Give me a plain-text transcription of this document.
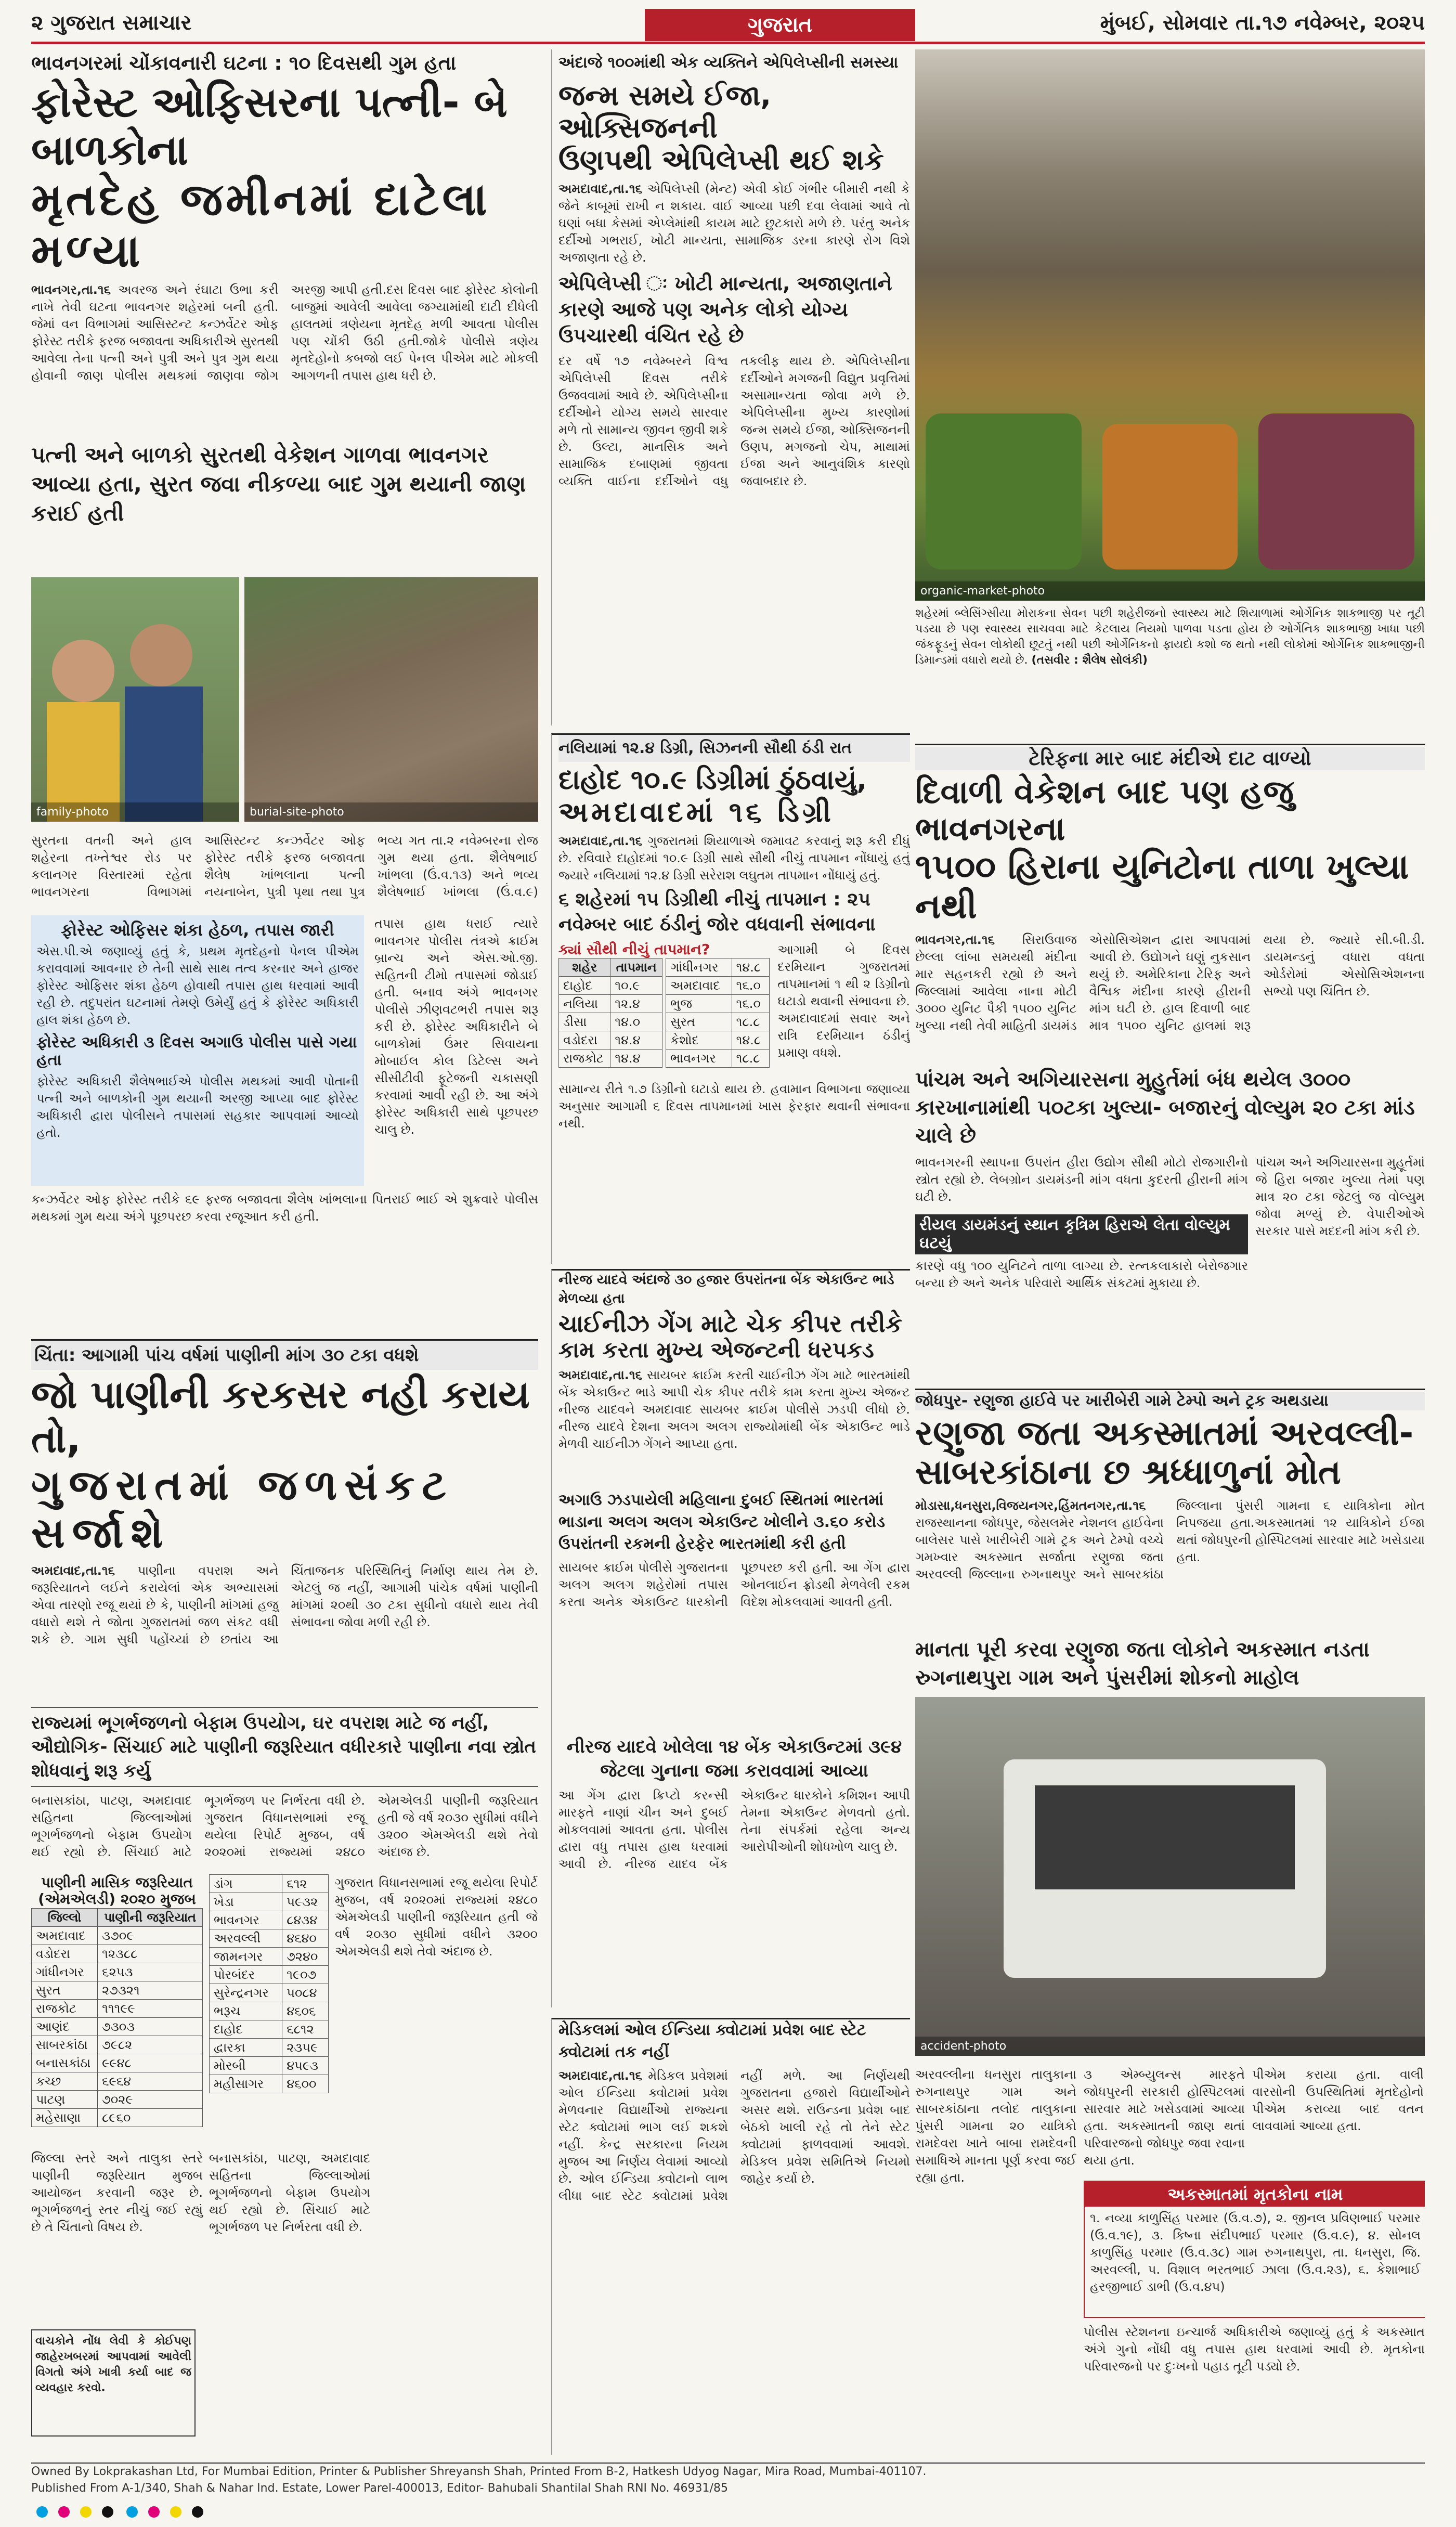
૨ ગુજરાત સમાચાર	ગુજરાત	મુંબઈ, સોમવાર તા.૧૭ નવેમ્બર, ૨૦૨૫
ભાવનગરમાં ચોંકાવનારી ઘટના : ૧૦ દિવસથી ગુમ હતા
ફોરેસ્ટ ઓફિસરના પત્ની- બે બાળકોના
મૃતદેહ જમીનમાં દાટેલા મળ્યા
ભાવનગર,તા.૧૬ અવરજ અને રંઘાટા ઉભા કરી નાખે તેવી ઘટના ભાવનગર શહેરમાં બની હતી. જેમાં વન વિભાગમાં આસિસ્ટન્ટ કન્ઝર્વેટર ઓફ ફોરેસ્ટ તરીકે ફરજ બજાવતા અધિકારીએ સુરતથી આવેલા તેના પત્ની અને પુત્રી અને પુત્ર ગુમ થયા હોવાની જાણ પોલીસ મથકમાં જાણવા જોગ અરજી આપી હતી.દસ દિવસ બાદ ફોરેસ્ટ કોલોની બાજુમાં આવેલી આવેલા જગ્યામાંથી દાટી દીધેલી હાલતમાં ત્રણેયના મૃતદેહ મળી આવતા પોલીસ પણ ચોંકી ઉઠી હતી.જોકે પોલીસે ત્રણેય મૃતદેહોનો કબજો લઈ પેનલ પીએમ માટે મોકલી આગળની તપાસ હાથ ધરી છે.
પત્ની અને બાળકો સુરતથી વેકેશન ગાળવા ભાવનગર આવ્યા હતા, સુરત જવા નીકળ્યા બાદ ગુમ થયાની જાણ કરાઈ હતી
family-photo	burial-site-photo
સુરતના વતની અને હાલ શહેરના તખ્તેશ્વર રોડ પર કલાનગર વિસ્તારમાં રહેતા ભાવનગરના વિભાગમાં આસિસ્ટન્ટ કન્ઝર્વેટર ઓફ ફોરેસ્ટ તરીકે ફરજ બજાવતા શૈલેષ ખાંભલાના પત્ની નયનાબેન, પુત્રી પૃથા તથા પુત્ર ભવ્ય ગત તા.૨ નવેમ્બરના રોજ ગુમ થયા હતા. શૈલેષભાઈ ખાંભલા (ઉં.વ.૧૩) અને ભવ્ય શૈલેષભાઈ ખાંભલા (ઉં.વ.૯)
ફોરેસ્ટ ઓફિસર શંકા હેઠળ, તપાસ જારી
એસ.પી.એ જણાવ્યું હતું કે, પ્રથમ મૃતદેહનો પેનલ પીએમ કરાવવામાં આવનાર છે તેની સાથે સાથ તત્વ કરનાર અને હાજર ફોરેસ્ટ ઓફિસર શંકા હેઠળ હોવાથી તપાસ હાથ ધરવામાં આવી રહી છે. તદુપરાંત ઘટનામાં તેમણે ઉમેર્યું હતું કે ફોરેસ્ટ અધિકારી હાલ શંકા હેઠળ છે.
ફોરેસ્ટ અધિકારી ૩ દિવસ અગાઉ પોલીસ પાસે ગયા હતા
ફોરેસ્ટ અધિકારી શૈલેષભાઈએ પોલીસ મથકમાં આવી પોતાની પત્ની અને બાળકોની ગુમ થયાની અરજી આપ્યા બાદ ફોરેસ્ટ અધિકારી દ્વારા પોલીસને તપાસમાં સહકાર આપવામાં આવ્યો હતો.
તપાસ હાથ ધરાઈ ત્યારે ભાવનગર પોલીસ તંત્રએ ક્રાઈમ બ્રાન્ચ અને એસ.ઓ.જી. સહિતની ટીમો તપાસમાં જોડાઈ હતી. બનાવ અંગે ભાવનગર પોલીસે ઝીણવટભરી તપાસ શરૂ કરી છે. ફોરેસ્ટ અધિકારીને બે બાળકોમાં ઉંમર સિવાયના મોબાઈલ કોલ ડિટેલ્સ અને સીસીટીવી ફૂટેજની ચકાસણી કરવામાં આવી રહી છે. આ અંગે ફોરેસ્ટ અધિકારી સાથે પૂછપરછ ચાલુ છે.
કન્ઝર્વેટર ઓફ ફોરેસ્ટ તરીકે ૬૯ ફરજ બજાવતા શૈલેષ ખાંભલાના પિતરાઈ ભાઈ એ શુક્રવારે પોલીસ મથકમાં ગુમ થયા અંગે પૂછપરછ કરવા રજૂઆત કરી હતી.
ચિંતા: આગામી પાંચ વર્ષમાં પાણીની માંગ ૩૦ ટકા વધશે
જો પાણીની કરકસર નહી કરાય તો,
ગુજરાતમાં જળસંકટ સર્જાશે
અમદાવાદ,તા.૧૬ પાણીના વપરાશ અને જરૂરિયાતને લઈને કરાયેલાં એક અભ્યાસમાં એવા તારણો રજૂ થયાં છે કે, પાણીની માંગમાં હજુ વધારો થશે તે જોતા ગુજરાતમાં જળ સંકટ વધી શકે છે. ગામ સુધી પહોંચ્યાં છે છતાંય આ ચિંતાજનક પરિસ્થિતિનું નિર્માણ થાય તેમ છે. એટલું જ નહીં, આગામી પાંચેક વર્ષમાં પાણીની માંગમાં ૨૦થી ૩૦ ટકા સુધીનો વધારો થાય તેવી સંભાવના જોવા મળી રહી છે.
રાજ્યમાં ભૂગર્ભજળનો બેફામ ઉપયોગ, ઘર વપરાશ માટે જ નહીં, ઔદ્યોગિક- સિંચાઈ માટે પાણીની જરૂરિયાત વધીરકારે પાણીના નવા સ્ત્રોત શોધવાનું શરૂ કર્યુ
બનાસકાંઠા, પાટણ, અમદાવાદ સહિતના જિલ્લાઓમાં ભૂગર્ભજળનો બેફામ ઉપયોગ થઈ રહ્યો છે. સિંચાઈ માટે ભૂગર્ભજળ પર નિર્ભરતા વધી છે. ગુજરાત વિધાનસભામાં રજૂ થયેલા રિપોર્ટ મુજબ, વર્ષ ૨૦૨૦માં રાજ્યમાં ૨૪૮૦ એમએલડી પાણીની જરૂરિયાત હતી જે વર્ષ ૨૦૩૦ સુધીમાં વધીને ૩૨૦૦ એમએલડી થશે તેવો અંદાજ છે.
પાણીની માસિક જરૂરિયાત (એમએલડી) ૨૦૨૦ મુજબ
જિલ્લો	પાણીની જરૂરિયાત
અમદાવાદ	૩૭૦૯
વડોદરા	૧૨૩૮૮
ગાંધીનગર	૬૨૫૩
સુરત	૨૭૩૨૧
રાજકોટ	૧૧૧૯૯
આણંદ	૭૩૦૩
સાબરકાંઠા	૭૯૮૨
બનાસકાંઠા	૯૯૪૮
કચ્છ	૬૯૬૪
પાટણ	૭૦૨૯
મહેસાણા	૮૯૬૦
ડાંગ	૬૧૨
ખેડા	૫૯૩૨
ભાવનગર	૮૪૩૪
અરવલ્લી	૪૬૪૦
જામનગર	૭૨૪૦
પોરબંદર	૧૯૦૭
સુરેન્દ્રનગર	૫૦૮૪
ભરૂચ	૪૬૦૬
દાહોદ	૬૮૧૨
દ્વારકા	૨૩૫૯
મોરબી	૪૫૯૩
મહીસાગર	૪૬૦૦
ગુજરાત વિધાનસભામાં રજૂ થયેલા રિપોર્ટ મુજબ, વર્ષ ૨૦૨૦માં રાજ્યમાં ૨૪૮૦ એમએલડી પાણીની જરૂરિયાત હતી જે વર્ષ ૨૦૩૦ સુધીમાં વધીને ૩૨૦૦ એમએલડી થશે તેવો અંદાજ છે.
જિલ્લા સ્તરે અને તાલુકા સ્તરે પાણીની જરૂરિયાત મુજબ આયોજન કરવાની જરૂર છે. ભૂગર્ભજળનું સ્તર નીચું જઈ રહ્યું છે તે ચિંતાનો વિષય છે.
બનાસકાંઠા, પાટણ, અમદાવાદ સહિતના જિલ્લાઓમાં ભૂગર્ભજળનો બેફામ ઉપયોગ થઈ રહ્યો છે. સિંચાઈ માટે ભૂગર્ભજળ પર નિર્ભરતા વધી છે.
વાચકોને નોંધ લેવી કે કોઈપણ જાહેરખબરમાં આપવામાં આવેલી વિગતો અંગે ખાત્રી કર્યા બાદ જ વ્યવહાર કરવો.
અંદાજે ૧૦૦માંથી એક વ્યક્તિને એપિલેપ્સીની સમસ્યા
જન્મ સમયે ઈજા, ઓક્સિજનની
ઉણપથી એપિલેપ્સી થઈ શકે
અમદાવાદ,તા.૧૬ એપિલેપ્સી (મેન્ટ) એવી કોઈ ગંભીર બીમારી નથી કે જેને કાબૂમાં રાખી ન શકાય. વાઈ આવ્યા પછી દવા લેવામાં આવે તો ઘણાં બધા કેસમાં એપ્લેમાંથી કાયમ માટે છુટકારો મળે છે. પરંતુ અનેક દર્દીઓ ગભરાઈ, ખોટી માન્યતા, સામાજિક ડરના કારણે રોગ વિશે અજાણતા રહે છે.
એપિલેપ્સી ઃ ખોટી માન્યતા, અજાણતાને કારણે આજે પણ અનેક લોકો યોગ્ય ઉપચારથી વંચિત રહે છે
દર વર્ષે ૧૭ નવેમ્બરને વિશ્વ એપિલેપ્સી દિવસ તરીકે ઉજવવામાં આવે છે. એપિલેપ્સીના દર્દીઓને યોગ્ય સમયે સારવાર મળે તો સામાન્ય જીવન જીવી શકે છે. ઉલ્ટા, માનસિક અને સામાજિક દબાણમાં જીવતા વ્યક્તિ વાઈના દર્દીઓને વધુ તકલીફ થાય છે. એપિલેપ્સીના દર્દીઓને મગજની વિદ્યુત પ્રવૃત્તિમાં અસામાન્યતા જોવા મળે છે. એપિલેપ્સીના મુખ્ય કારણોમાં જન્મ સમયે ઈજા, ઓક્સિજનની ઉણપ, મગજનો ચેપ, માથામાં ઈજા અને આનુવંશિક કારણો જવાબદાર છે.
નલિયામાં ૧૨.૪ ડિગ્રી, સિઝનની સૌથી ઠંડી રાત
દાહોદ ૧૦.૯ ડિગ્રીમાં ઠુંઠવાયું,
અમદાવાદમાં ૧૬ ડિગ્રી
અમદાવાદ,તા.૧૬ ગુજરાતમાં શિયાળાએ જમાવટ કરવાનું શરૂ કરી દીધું છે. રવિવારે દાહોદમાં ૧૦.૯ ડિગ્રી સાથે સૌથી નીચું તાપમાન નોંધાયું હતું જ્યારે નલિયામાં ૧૨.૪ ડિગ્રી સરેરાશ લઘુતમ તાપમાન નોંધાયું હતું.
૬ શહેરમાં ૧૫ ડિગ્રીથી નીચું તાપમાન : ૨૫ નવેમ્બર બાદ ઠંડીનું જોર વધવાની સંભાવના
ક્યાં સૌથી નીચું તાપમાન?
શહેર	તાપમાન
દાહોદ	૧૦.૯
નલિયા	૧૨.૪
ડીસા	૧૪.૦
વડોદરા	૧૪.૪
રાજકોટ	૧૪.૪
ગાંધીનગર	૧૪.૮
અમદાવાદ	૧૬.૦
ભુજ	૧૬.૦
સુરત	૧૮.૮
કેશોદ	૧૪.૮
ભાવનગર	૧૮.૮
આગામી બે દિવસ દરમિયાન ગુજરાતમાં તાપમાનમાં ૧ થી ૨ ડિગ્રીનો ઘટાડો થવાની સંભાવના છે. અમદાવાદમાં સવાર અને રાત્રિ દરમિયાન ઠંડીનું પ્રમાણ વધશે.
સામાન્ય રીતે ૧.૭ ડિગ્રીનો ઘટાડો થાય છે. હવામાન વિભાગના જણાવ્યા અનુસાર આગામી ૬ દિવસ તાપમાનમાં ખાસ ફેરફાર થવાની સંભાવના નથી.
નીરજ યાદવે અંદાજે ૩૦ હજાર ઉપરાંતના બેંક એકાઉન્ટ ભાડે મેળવ્યા હતા
ચાઈનીઝ ગેંગ માટે ચેક કીપર તરીકે
કામ કરતા મુખ્ય એજન્ટની ધરપકડ
અમદાવાદ,તા.૧૬ સાયબર ક્રાઈમ કરતી ચાઈનીઝ ગેંગ માટે ભારતમાંથી બેંક એકાઉન્ટ ભાડે આપી ચેક કીપર તરીકે કામ કરતા મુખ્ય એજન્ટ નીરજ યાદવને અમદાવાદ સાયબર ક્રાઈમ પોલીસે ઝડપી લીધો છે. નીરજ યાદવે દેશના અલગ અલગ રાજ્યોમાંથી બેંક એકાઉન્ટ ભાડે મેળવી ચાઈનીઝ ગેંગને આપ્યા હતા.
અગાઉ ઝડપાયેલી મહિલાના દુબઈ સ્થિતમાં ભારતમાં ભાડાના અલગ અલગ એકાઉન્ટ ખોલીને ૩.૬૦ કરોડ ઉપરાંતની રકમની હેરફેર ભારતમાંથી કરી હતી
સાયબર ક્રાઈમ પોલીસે ગુજરાતના અલગ અલગ શહેરોમાં તપાસ કરતા અનેક એકાઉન્ટ ધારકોની પૂછપરછ કરી હતી. આ ગેંગ દ્વારા ઓનલાઈન ફ્રોડથી મેળવેલી રકમ વિદેશ મોકલવામાં આવતી હતી.
નીરજ યાદવે ખોલેલા ૧૪ બેંક એકાઉન્ટમાં ૩૯૪ જેટલા ગુનાના જમા કરાવવામાં આવ્યા
આ ગેંગ દ્વારા ક્રિપ્ટો કરન્સી મારફતે નાણાં ચીન અને દુબઈ મોકલવામાં આવતા હતા. પોલીસ દ્વારા વધુ તપાસ હાથ ધરવામાં આવી છે. નીરજ યાદવ બેંક એકાઉન્ટ ધારકોને કમિશન આપી તેમના એકાઉન્ટ મેળવતો હતો. તેના સંપર્કમાં રહેલા અન્ય આરોપીઓની શોધખોળ ચાલુ છે.
મેડિકલમાં ઓલ ઈન્ડિયા ક્વોટામાં પ્રવેશ બાદ સ્ટેટ ક્વોટામાં તક નહીં
અમદાવાદ,તા.૧૬ મેડિકલ પ્રવેશમાં ઓલ ઈન્ડિયા ક્વોટામાં પ્રવેશ મેળવનાર વિદ્યાર્થીઓ રાજ્યના સ્ટેટ ક્વોટામાં ભાગ લઈ શકશે નહીં. કેન્દ્ર સરકારના નિયમ મુજબ આ નિર્ણય લેવામાં આવ્યો છે. ઓલ ઈન્ડિયા ક્વોટાનો લાભ લીધા બાદ સ્ટેટ ક્વોટામાં પ્રવેશ નહીં મળે. આ નિર્ણયથી ગુજરાતના હજારો વિદ્યાર્થીઓને અસર થશે. રાઉન્ડના પ્રવેશ બાદ બેઠકો ખાલી રહે તો તેને સ્ટેટ ક્વોટામાં ફાળવવામાં આવશે. મેડિકલ પ્રવેશ સમિતિએ નિયમો જાહેર કર્યા છે.
organic-market-photo
શહેરમાં બ્લેસિંગ્સીયા મોરાકના સેવન પછી શહેરીજનો સ્વાસ્થ્ય માટે શિયાળામાં ઓર્ગેનિક શાકભાજી પર તૂટી પડયા છે પણ સ્વાસ્થ્ય સાચવવા માટે કેટલાય નિયમો પાળવા પડતા હોય છે ઓર્ગેનિક શાકભાજી ખાધા પછી જંકફૂડનું સેવન લોકોથી છૂટતું નથી પછી ઓર્ગેનિકનો ફાયદો કશો જ થતો નથી લોકોમાં ઓર્ગેનિક શાકભાજીની ડિમાન્ડમાં વધારો થયો છે. (તસવીર : શૈલેષ સોલંકી)
ટેરિફના માર બાદ મંદીએ દાટ વાળ્યો
દિવાળી વેકેશન બાદ પણ હજુ ભાવનગરના
૧૫૦૦ હિરાના યુનિટોના તાળા ખુલ્યા નથી
ભાવનગર,તા.૧૬ સિરાઉવાજ છેલ્લા લાંબા સમયથી મંદીના માર સહનકરી રહ્યો છે અને જિલ્લામાં આવેલા નાના મોટી ૩૦૦૦ યુનિટ પૈકી ૧૫૦૦ યુનિટ ખુલ્યા નથી તેવી માહિતી ડાયમંડ એસોસિએશન દ્વારા આપવામાં આવી છે. ઉદ્યોગને ઘણું નુકસાન થયું છે. અમેરિકાના ટેરિફ અને વૈશ્વિક મંદીના કારણે હીરાની માંગ ઘટી છે. હાલ દિવાળી બાદ માત્ર ૧૫૦૦ યુનિટ હાલમાં શરૂ થયા છે. જ્યારે સી.બી.ડી. ડાયમન્ડનું વધારા વધતા ઓર્ડરોમાં એસોસિએશનના સભ્યો પણ ચિંતિત છે.
પાંચમ અને અગિયારસના મુહુર્તમાં બંધ થયેલ ૩૦૦૦ કારખાનામાંથી ૫૦ટકા ખુલ્યા- બજારનું વોલ્યુમ ૨૦ ટકા માંડ ચાલે છે
ભાવનગરની સ્થાપના ઉપરાંત હીરા ઉદ્યોગ સૌથી મોટો રોજગારીનો સ્ત્રોત રહ્યો છે. લેબગ્રોન ડાયમંડની માંગ વધતા કુદરતી હીરાની માંગ ઘટી છે.
રીયલ ડાયમંડનું સ્થાન કૃત્રિમ હિરાએ લેતા વોલ્યુમ ઘટયું
કારણે વધુ ૧૦૦ યુનિટને તાળા લાગ્યા છે. રત્નકલાકારો બેરોજગાર બન્યા છે અને અનેક પરિવારો આર્થિક સંકટમાં મુકાયા છે.
પાંચમ અને અગિયારસના મુહૂર્તમાં જે હિરા બજાર ખુલ્યા તેમાં પણ માત્ર ૨૦ ટકા જેટલું જ વોલ્યુમ જોવા મળ્યું છે. વેપારીઓએ સરકાર પાસે મદદની માંગ કરી છે.
જોધપુર- રણુજા હાઈવે પર ખારીબેરી ગામે ટેમ્પો અને ટ્રક અથડાયા
રણુજા જતા અકસ્માતમાં અરવલ્લી-
સાબરકાંઠાના છ શ્રધ્ધાળુનાં મોત
મોડાસા,ધનસુરા,વિજયનગર,હિંમતનગર,તા.૧૬ રાજસ્થાનના જોધપુર, જેસલમેર નેશનલ હાઈવેના બાલેસર પાસે ખારીબેરી ગામે ટ્રક અને ટેમ્પો વચ્ચે ગમખ્વાર અકસ્માત સર્જાતા રણુજા જતા અરવલ્લી જિલ્લાના રુગનાથપુર અને સાબરકાંઠા જિલ્લાના પુંસરી ગામના ૬ યાત્રિકોના મોત નિપજયા હતા.અકસ્માતમાં ૧૨ યાત્રિકોને ઈજા થતાં જોધપુરની હોસ્પિટલમાં સારવાર માટે ખસેડાયા હતા.
માનતા પૂરી કરવા રણુજા જતા લોકોને અકસ્માત નડતા રુગનાથપુરા ગામ અને પુંસરીમાં શોકનો માહોલ
accident-photo
અરવલ્લીના ધનસુરા તાલુકાના રુગનાથપુર ગામ અને સાબરકાંઠાના તલોદ તાલુકાના પુંસરી ગામના ૨૦ યાત્રિકો રામદેવરા ખાતે બાબા રામદેવની સમાધિએ માનતા પૂર્ણ કરવા જઈ રહ્યા હતા.
૩ એમ્બ્યુલન્સ મારફતે જોધપુરની સરકારી હોસ્પિટલમાં સારવાર માટે ખસેડવામાં આવ્યા હતા. અકસ્માતની જાણ થતાં પરિવારજનો જોધપુર જવા રવાના થયા હતા.
પીએમ કરાયા હતા. વાલી વારસોની ઉપસ્થિતિમાં મૃતદેહોનો પીએમ કરાવ્યા બાદ વતન લાવવામાં આવ્યા હતા.
અકસ્માતમાં મૃતકોના નામ
૧. નવ્યા કાળુસિંહ પરમાર (ઉ.વ.૭), ૨. જીનલ પ્રવિણભાઈ પરમાર (ઉ.વ.૧૯), ૩. કિષ્ના સંદીપભાઈ પરમાર (ઉ.વ.૯), ૪. સોનલ કાળુસિંહ પરમાર (ઉ.વ.૩૮) ગામ રુગનાથપુરા, તા. ધનસુરા, જિ. અરવલ્લી, ૫. વિશાલ ભરતભાઈ ઝાલા (ઉ.વ.૨૩), ૬. કેશાભાઈ હરજીભાઈ ડાભી (ઉ.વ.૪૫)
પોલીસ સ્ટેશનના ઇન્ચાર્જ અધિકારીએ જણાવ્યું હતું કે અકસ્માત અંગે ગુનો નોંધી વધુ તપાસ હાથ ધરવામાં આવી છે. મૃતકોના પરિવારજનો પર દુઃખનો પહાડ તૂટી પડ્યો છે.
Owned By Lokprakashan Ltd, For Mumbai Edition, Printer & Publisher Shreyansh Shah, Printed From B-2, Hatkesh Udyog Nagar, Mira Road, Mumbai-401107.
Published From A-1/340, Shah & Nahar Ind. Estate, Lower Parel-400013, Editor- Bahubali Shantilal Shah RNI No. 46931/85
